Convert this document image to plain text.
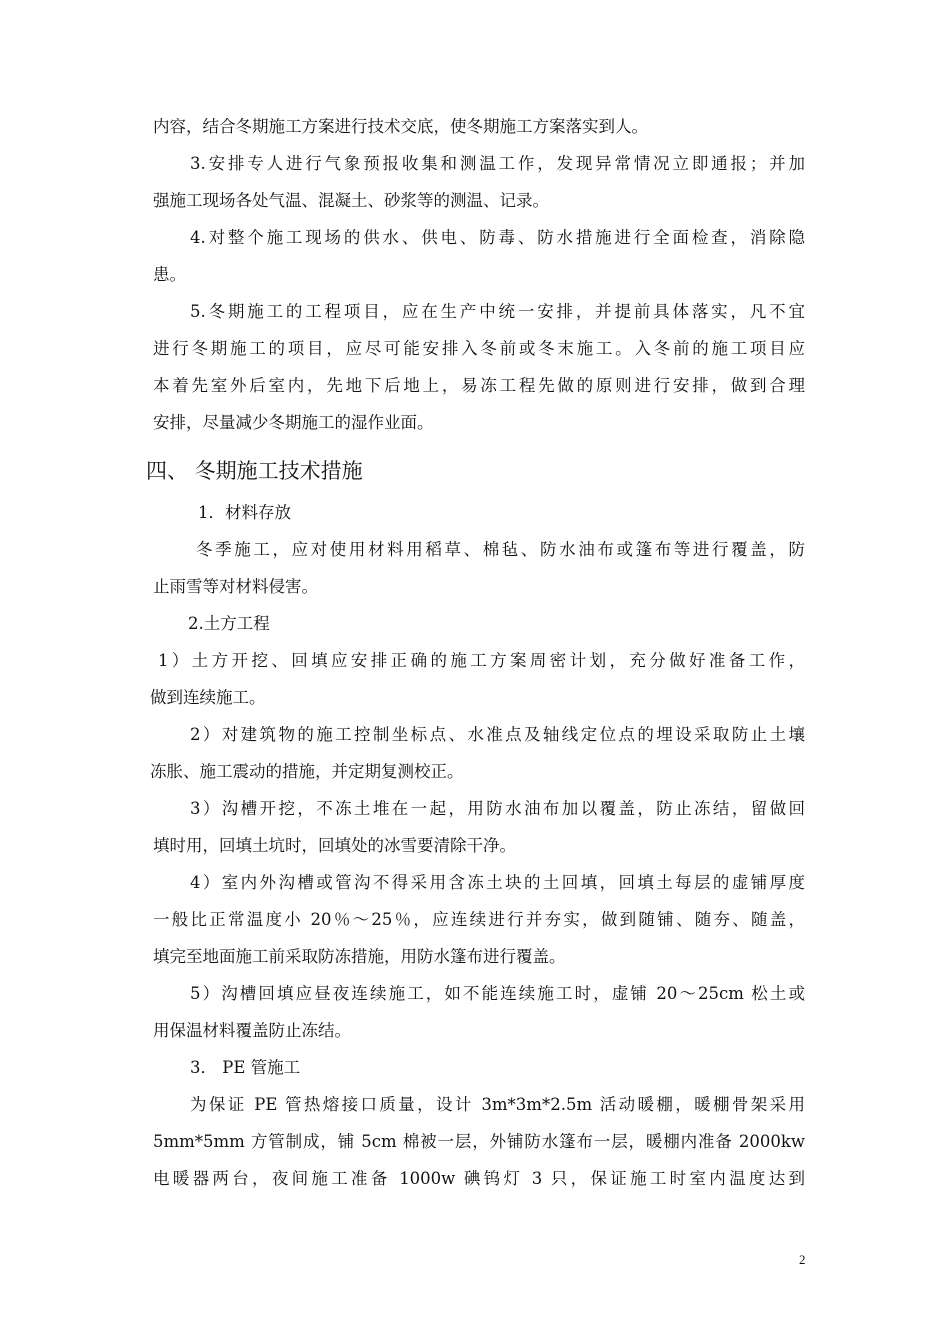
内容，结合冬期施工方案进行技术交底，使冬期施工方案落实到人。
3.安排专人进行气象预报收集和测温工作，发现异常情况立即通报；并加
强施工现场各处气温、混凝土、砂浆等的测温、记录。
4.对整个施工现场的供水、供电、防毒、防水措施进行全面检查，消除隐
患。
5.冬期施工的工程项目，应在生产中统一安排，并提前具体落实，凡不宜
进行冬期施工的项目，应尽可能安排入冬前或冬末施工。入冬前的施工项目应
本着先室外后室内，先地下后地上，易冻工程先做的原则进行安排，做到合理
安排，尽量减少冬期施工的湿作业面。
四、 冬期施工技术措施
1．材料存放
冬季施工，应对使用材料用稻草、棉毡、防水油布或篷布等进行覆盖，防
止雨雪等对材料侵害。
2.土方工程
1）土方开挖、回填应安排正确的施工方案周密计划，充分做好准备工作，
做到连续施工。
2）对建筑物的施工控制坐标点、水准点及轴线定位点的埋设采取防止土壤
冻胀、施工震动的措施，并定期复测校正。
3）沟槽开挖，不冻土堆在一起，用防水油布加以覆盖，防止冻结，留做回
填时用，回填土坑时，回填处的冰雪要清除干净。
4）室内外沟槽或管沟不得采用含冻土块的土回填，回填土每层的虚铺厚度
一般比正常温度小 20％～25％，应连续进行并夯实，做到随铺、随夯、随盖，
填完至地面施工前采取防冻措施，用防水篷布进行覆盖。
5）沟槽回填应昼夜连续施工，如不能连续施工时，虚铺 20～25cm 松土或
用保温材料覆盖防止冻结。
3． PE 管施工
为保证 PE 管热熔接口质量，设计 3m*3m*2.5m 活动暖棚，暖棚骨架采用
5mm*5mm 方管制成，铺 5cm 棉被一层，外铺防水篷布一层，暖棚内准备 2000kw
电暖器两台，夜间施工准备 1000w 碘钨灯 3 只，保证施工时室内温度达到
2
